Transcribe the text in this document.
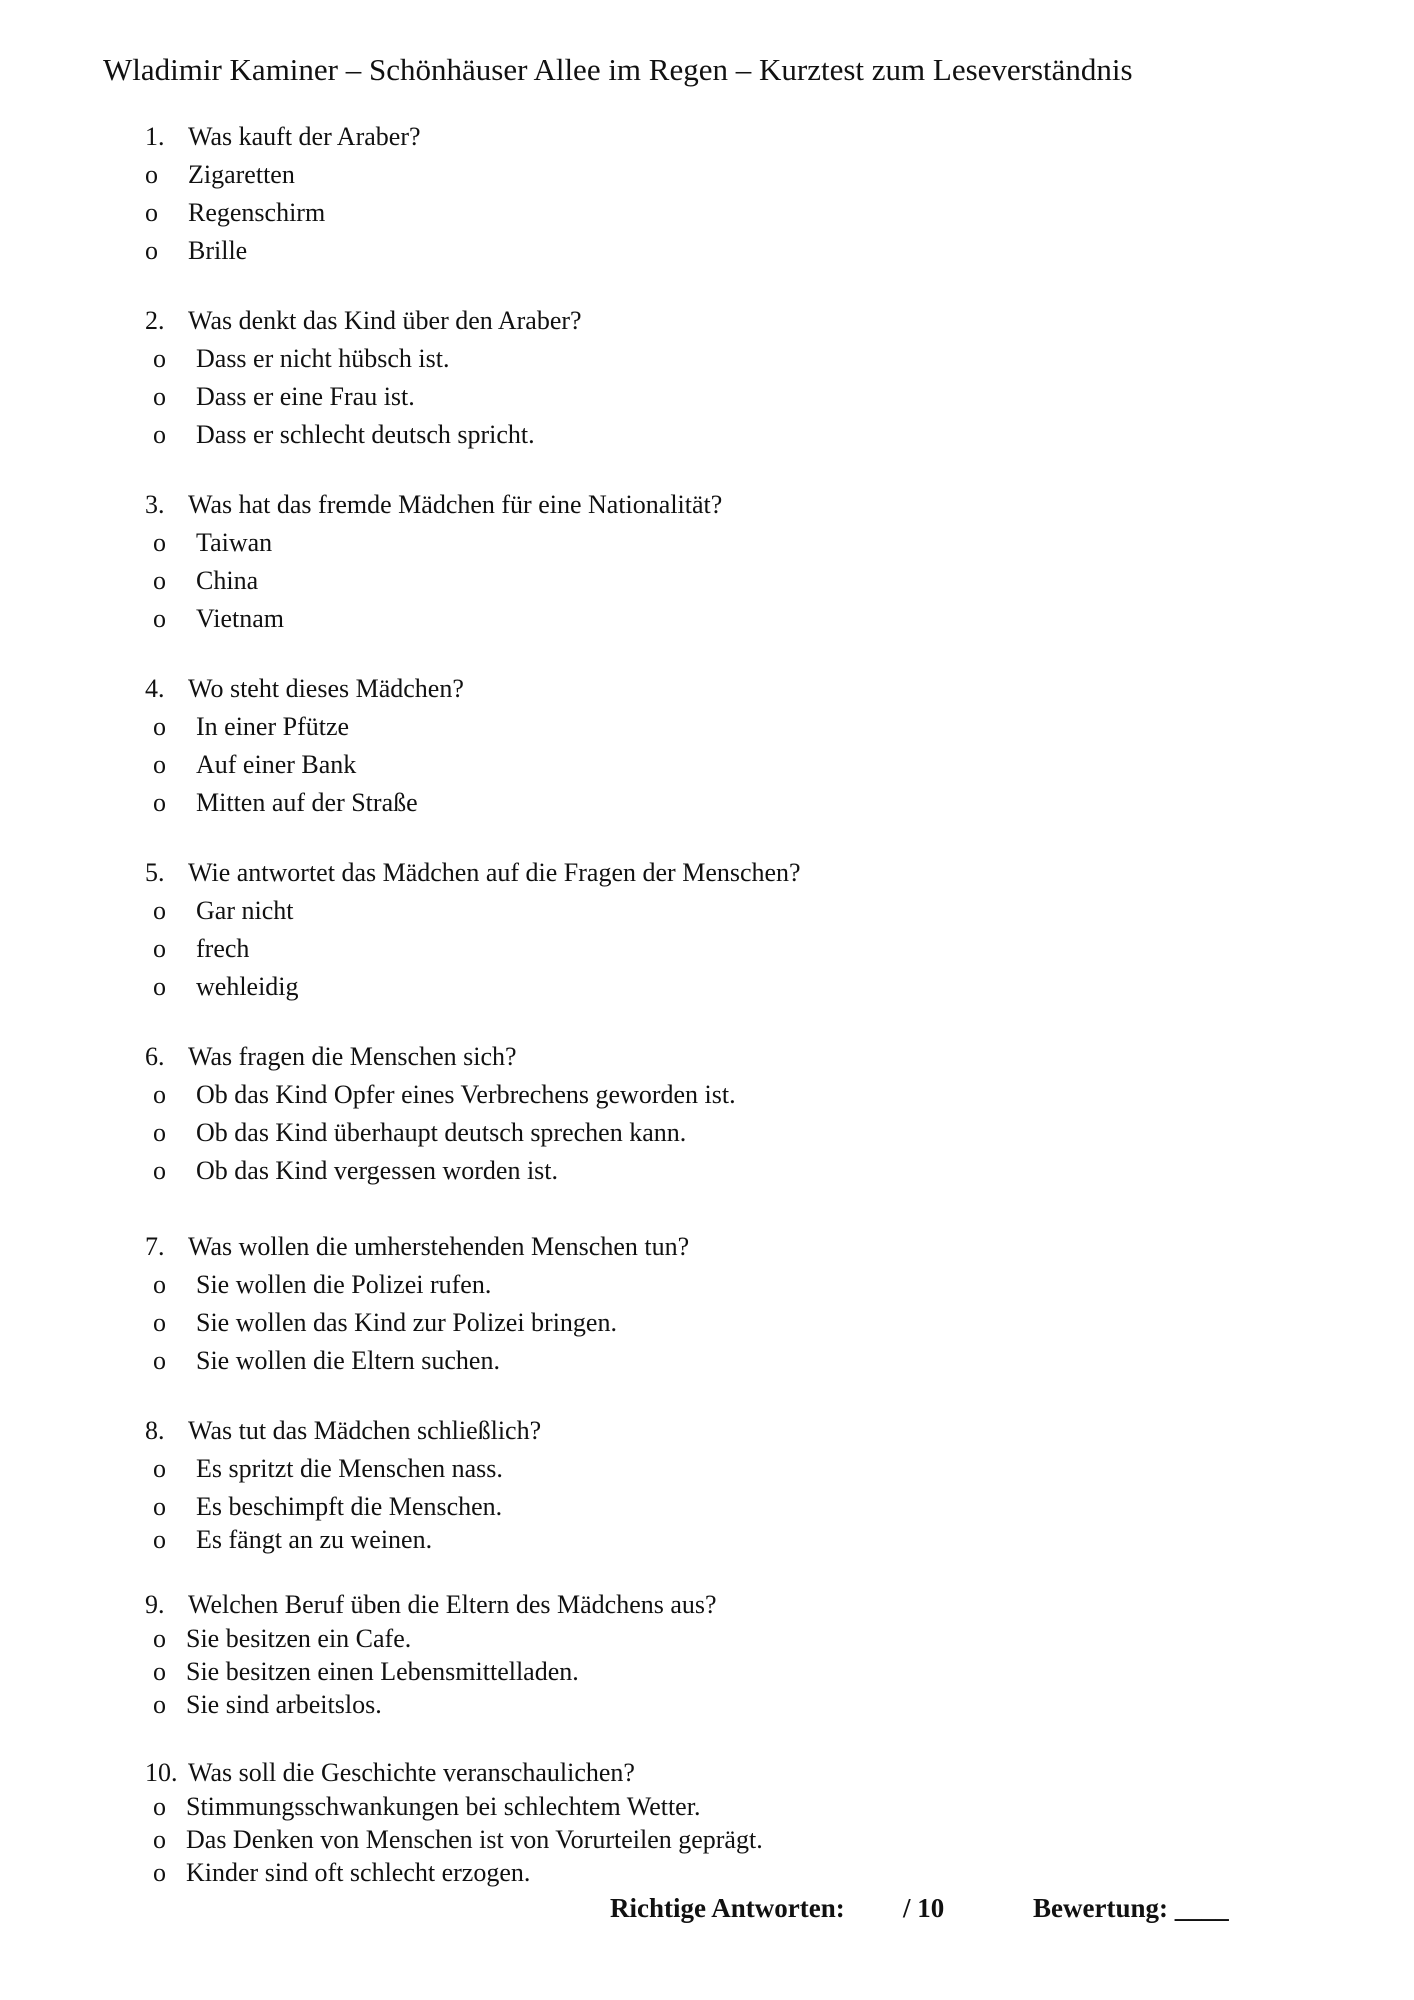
Wladimir Kaminer – Schönhäuser Allee im Regen – Kurztest zum Leseverständnis
1. Was kauft der Araber?
o Zigaretten
o Regenschirm
o Brille
2. Was denkt das Kind über den Araber?
o Dass er nicht hübsch ist.
o Dass er eine Frau ist.
o Dass er schlecht deutsch spricht.
3. Was hat das fremde Mädchen für eine Nationalität?
o Taiwan
o China
o Vietnam
4. Wo steht dieses Mädchen?
o In einer Pfütze
o Auf einer Bank
o Mitten auf der Straße
5. Wie antwortet das Mädchen auf die Fragen der Menschen?
o Gar nicht
o frech
o wehleidig
6. Was fragen die Menschen sich?
o Ob das Kind Opfer eines Verbrechens geworden ist.
o Ob das Kind überhaupt deutsch sprechen kann.
o Ob das Kind vergessen worden ist.
7. Was wollen die umherstehenden Menschen tun?
o Sie wollen die Polizei rufen.
o Sie wollen das Kind zur Polizei bringen.
o Sie wollen die Eltern suchen.
8. Was tut das Mädchen schließlich?
o Es spritzt die Menschen nass.
o Es beschimpft die Menschen.
o Es fängt an zu weinen.
9. Welchen Beruf üben die Eltern des Mädchens aus?
o Sie besitzen ein Cafe.
o Sie besitzen einen Lebensmittelladen.
o Sie sind arbeitslos.
10. Was soll die Geschichte veranschaulichen?
o Stimmungsschwankungen bei schlechtem Wetter.
o Das Denken von Menschen ist von Vorurteilen geprägt.
o Kinder sind oft schlecht erzogen.
Richtige Antworten: / 10	Bewertung: ____
